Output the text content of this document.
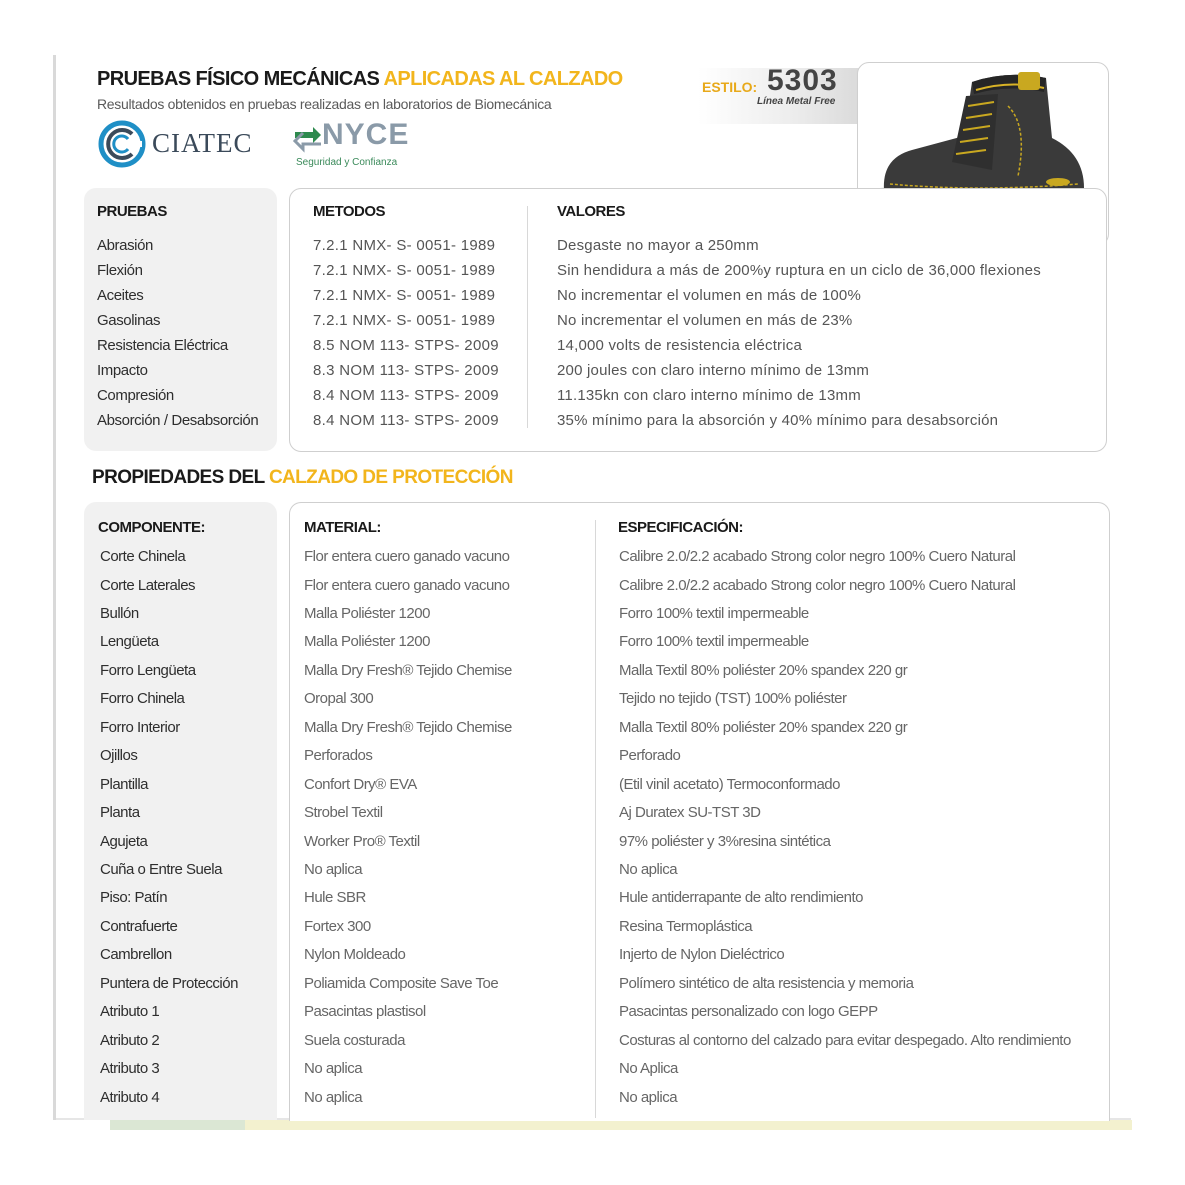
PRUEBAS FÍSICO MECÁNICAS APLICADAS AL CALZADO
Resultados obtenidos en pruebas realizadas en laboratorios de Biomecánica
CIATEC NYCE
Seguridad y Confianza
ESTILO: 5303
Línea Metal Free
PRUEBAS	METODOS	VALORES
Abrasión	7.2.1 NMX- S- 0051- 1989	Desgaste no mayor a 250mm
Flexión	7.2.1 NMX- S- 0051- 1989	Sin hendidura a más de 200%y ruptura en un ciclo de 36,000 flexiones
Aceites	7.2.1 NMX- S- 0051- 1989	No incrementar el volumen en más de 100%
Gasolinas	7.2.1 NMX- S- 0051- 1989	No incrementar el volumen en más de 23%
Resistencia Eléctrica	8.5 NOM 113- STPS- 2009	14,000 volts de resistencia eléctrica
Impacto	8.3 NOM 113- STPS- 2009	200 joules con claro interno mínimo de 13mm
Compresión	8.4 NOM 113- STPS- 2009	11.135kn con claro interno mínimo de 13mm
Absorción / Desabsorción	8.4 NOM 113- STPS- 2009	35% mínimo para la absorción y 40% mínimo para desabsorción
PROPIEDADES DEL CALZADO DE PROTECCIÓN
COMPONENTE:	MATERIAL:	ESPECIFICACIÓN:
Corte Chinela	Flor entera cuero ganado vacuno	Calibre 2.0/2.2 acabado Strong color negro 100% Cuero Natural
Corte Laterales	Flor entera cuero ganado vacuno	Calibre 2.0/2.2 acabado Strong color negro 100% Cuero Natural
Bullón	Malla Poliéster 1200	Forro 100% textil impermeable
Lengüeta	Malla Poliéster 1200	Forro 100% textil impermeable
Forro Lengüeta	Malla Dry Fresh® Tejido Chemise	Malla Textil 80% poliéster 20% spandex 220 gr
Forro Chinela	Oropal 300	Tejido no tejido (TST) 100% poliéster
Forro Interior	Malla Dry Fresh® Tejido Chemise	Malla Textil 80% poliéster 20% spandex 220 gr
Ojillos	Perforados	Perforado
Plantilla	Confort Dry® EVA	(Etil vinil acetato) Termoconformado
Planta	Strobel Textil	Aj Duratex SU-TST 3D
Agujeta	Worker Pro® Textil	97% poliéster y 3%resina sintética
Cuña o Entre Suela	No aplica	No aplica
Piso: Patín	Hule SBR	Hule antiderrapante de alto rendimiento
Contrafuerte	Fortex 300	Resina Termoplástica
Cambrellon	Nylon Moldeado	Injerto de Nylon Dieléctrico
Puntera de Protección	Poliamida Composite Save Toe	Polímero sintético de alta resistencia y memoria
Atributo 1	Pasacintas plastisol	Pasacintas personalizado con logo GEPP
Atributo 2	Suela costurada	Costuras al contorno del calzado para evitar despegado. Alto rendimiento
Atributo 3	No aplica	No Aplica
Atributo 4	No aplica	No aplica
